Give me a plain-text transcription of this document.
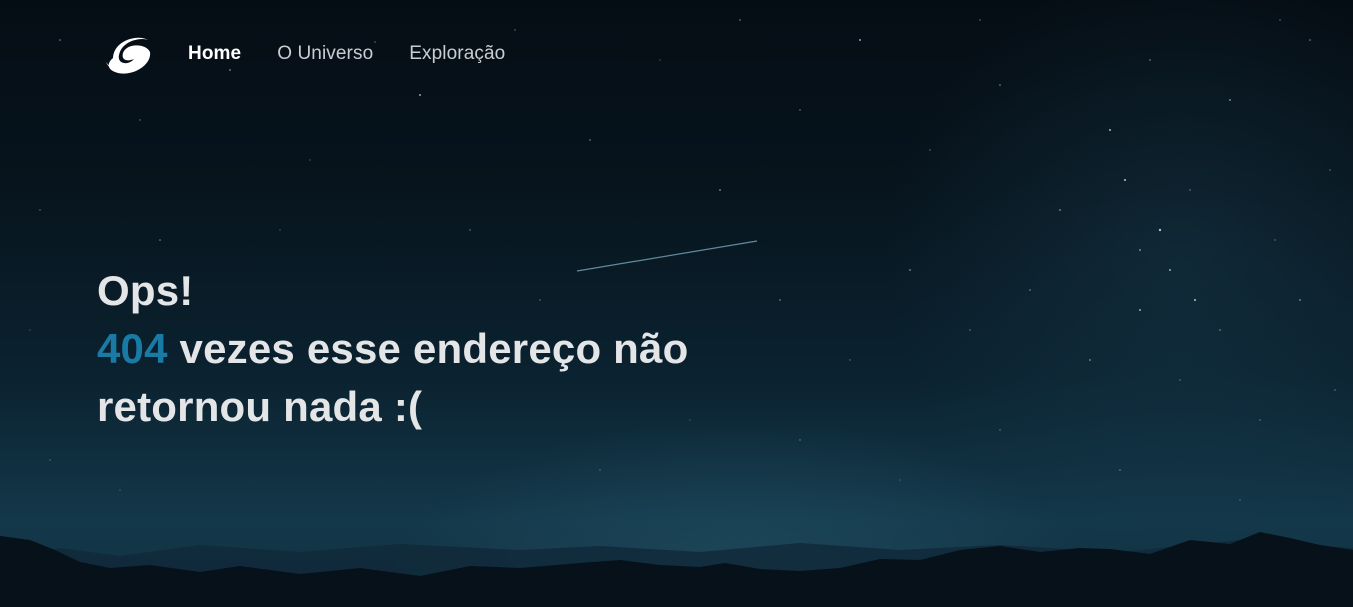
Home O Universo Exploração
Ops!
404 vezes esse endereço não
retornou nada :(
